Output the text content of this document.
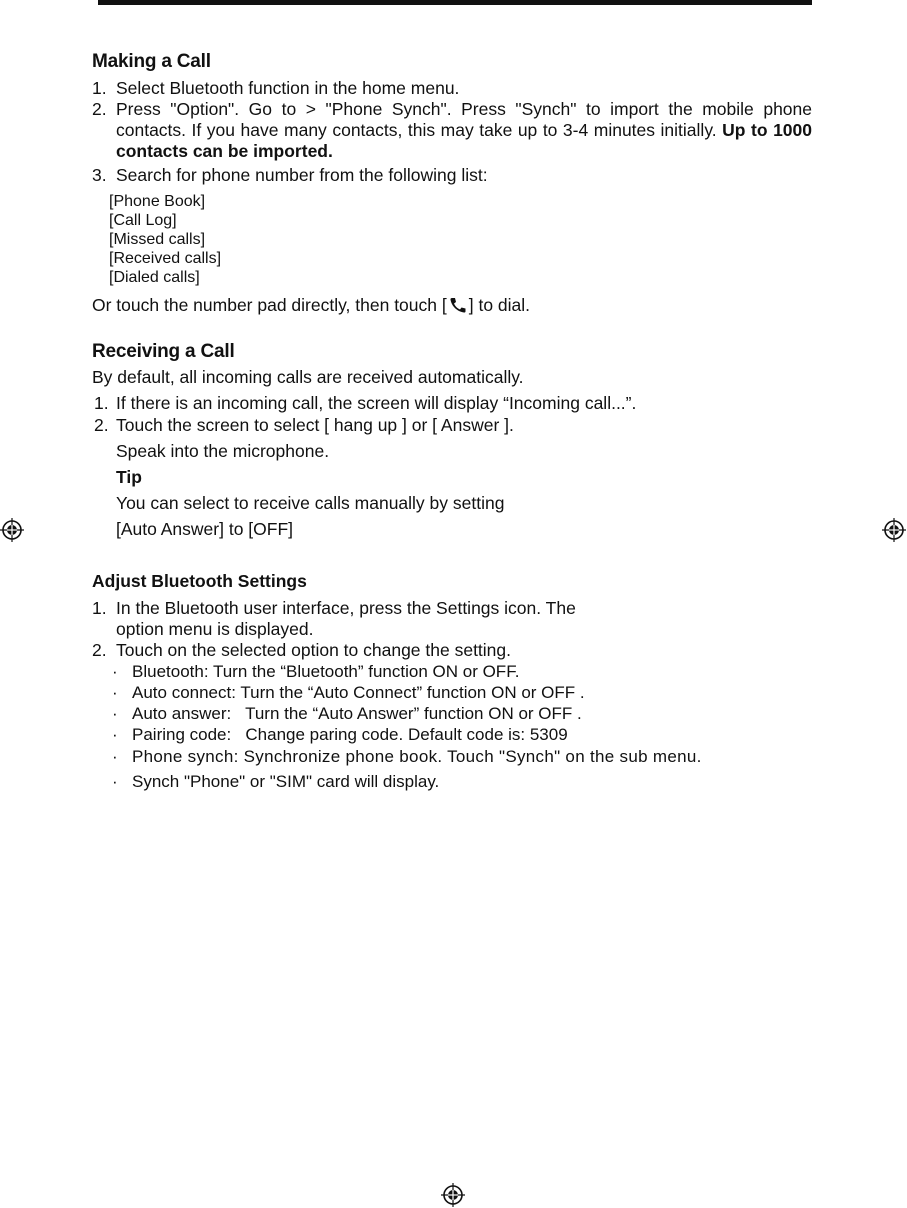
Making a Call
1. Select Bluetooth function in the home menu.
2. Press "Option". Go to > "Phone Synch". Press "Synch" to import the mobile phone contacts. If you have many contacts, this may take up to 3-4 minutes initially. Up to 1000 contacts can be imported.
3. Search for phone number from the following list:
[Phone Book]
[Call Log]
[Missed calls]
[Received calls]
[Dialed calls]
Or touch the number pad directly, then touch [ ] to dial.
Receiving a Call
By default, all incoming calls are received automatically.
1. If there is an incoming call, the screen will display “Incoming call...”.
2. Touch the screen to select [ hang up ] or [ Answer ].
Speak into the microphone.
Tip
You can select to receive calls manually by setting
[Auto Answer] to [OFF]
Adjust Bluetooth Settings
1. In the Bluetooth user interface, press the Settings icon. The
option menu is displayed.
2. Touch on the selected option to change the setting.
· Bluetooth: Turn the “Bluetooth” function ON or OFF.
· Auto connect: Turn the “Auto Connect” function ON or OFF .
· Auto answer:   Turn the “Auto Answer” function ON or OFF .
· Pairing code:   Change paring code. Default code is: 5309
· Phone synch: Synchronize phone book. Touch "Synch" on the sub menu.
· Synch "Phone" or "SIM" card will display.
